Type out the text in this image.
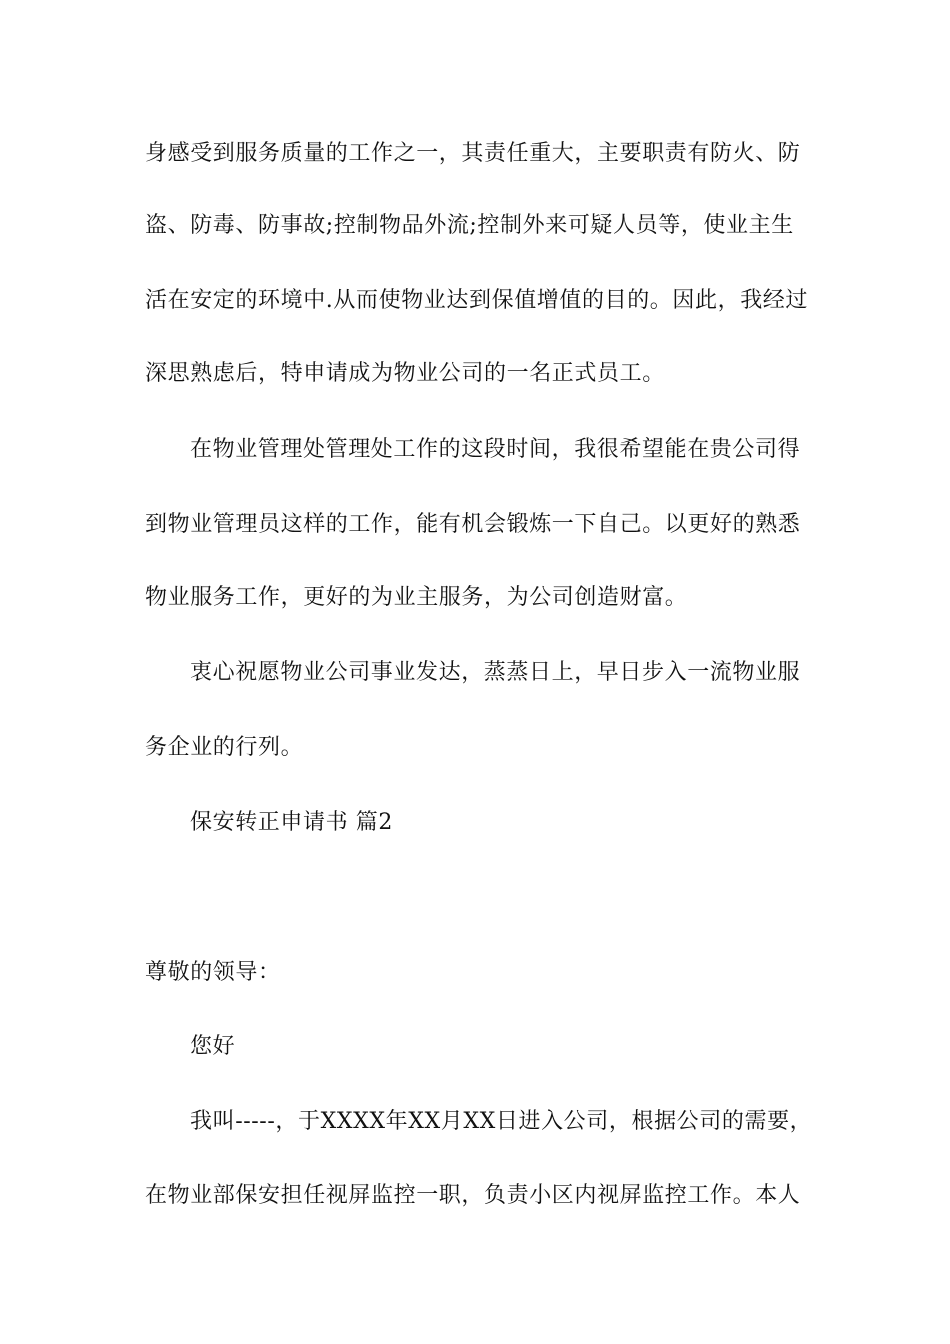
身感受到服务质量的工作之一，其责任重大，主要职责有防火、防
盗、防毒、防事故;控制物品外流;控制外来可疑人员等，使业主生
活在安定的环境中.从而使物业达到保值增值的目的。因此，我经过
深思熟虑后，特申请成为物业公司的一名正式员工。
在物业管理处管理处工作的这段时间，我很希望能在贵公司得
到物业管理员这样的工作，能有机会锻炼一下自己。以更好的熟悉
物业服务工作，更好的为业主服务，为公司创造财富。
衷心祝愿物业公司事业发达，蒸蒸日上，早日步入一流物业服
务企业的行列。
保安转正申请书 篇2
尊敬的领导：
您好
我叫-----，于XXXX年XX月XX日进入公司，根据公司的需要，
在物业部保安担任视屏监控一职，负责小区内视屏监控工作。本人
